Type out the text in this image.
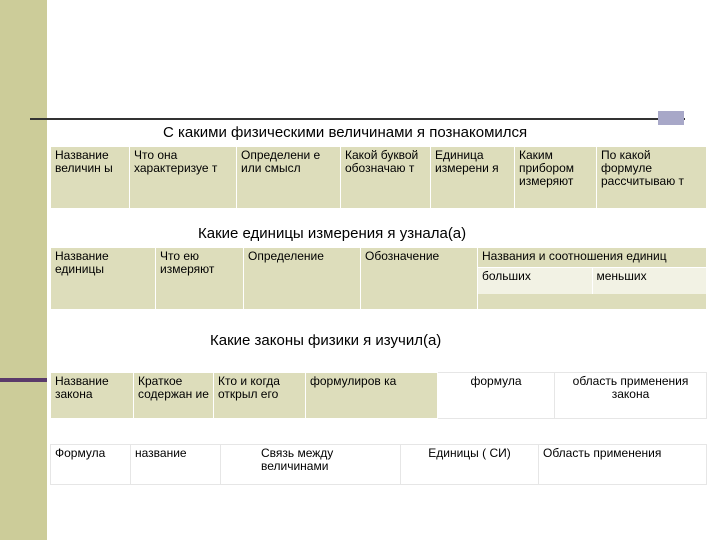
С какими физическими величинами я познакомился
Название величин ы	Что она характеризуе т	Определени е или смысл	Какой буквой обозначаю т	Единица измерени я	Каким прибором измеряют	По какой формуле рассчитываю т
Какие единицы измерения я узнала(а)
Название единицы	Что ею измеряют	Определение	Обозначение	Названия и соотношения единиц
больших	меньших
Какие законы физики я изучил(а)
Название закона	Краткое содержан ие	Кто и когда открыл его	формулиров ка	формула	область применения закона
Формула	название	Связь между величинами	Единицы ( СИ)	Область применения
